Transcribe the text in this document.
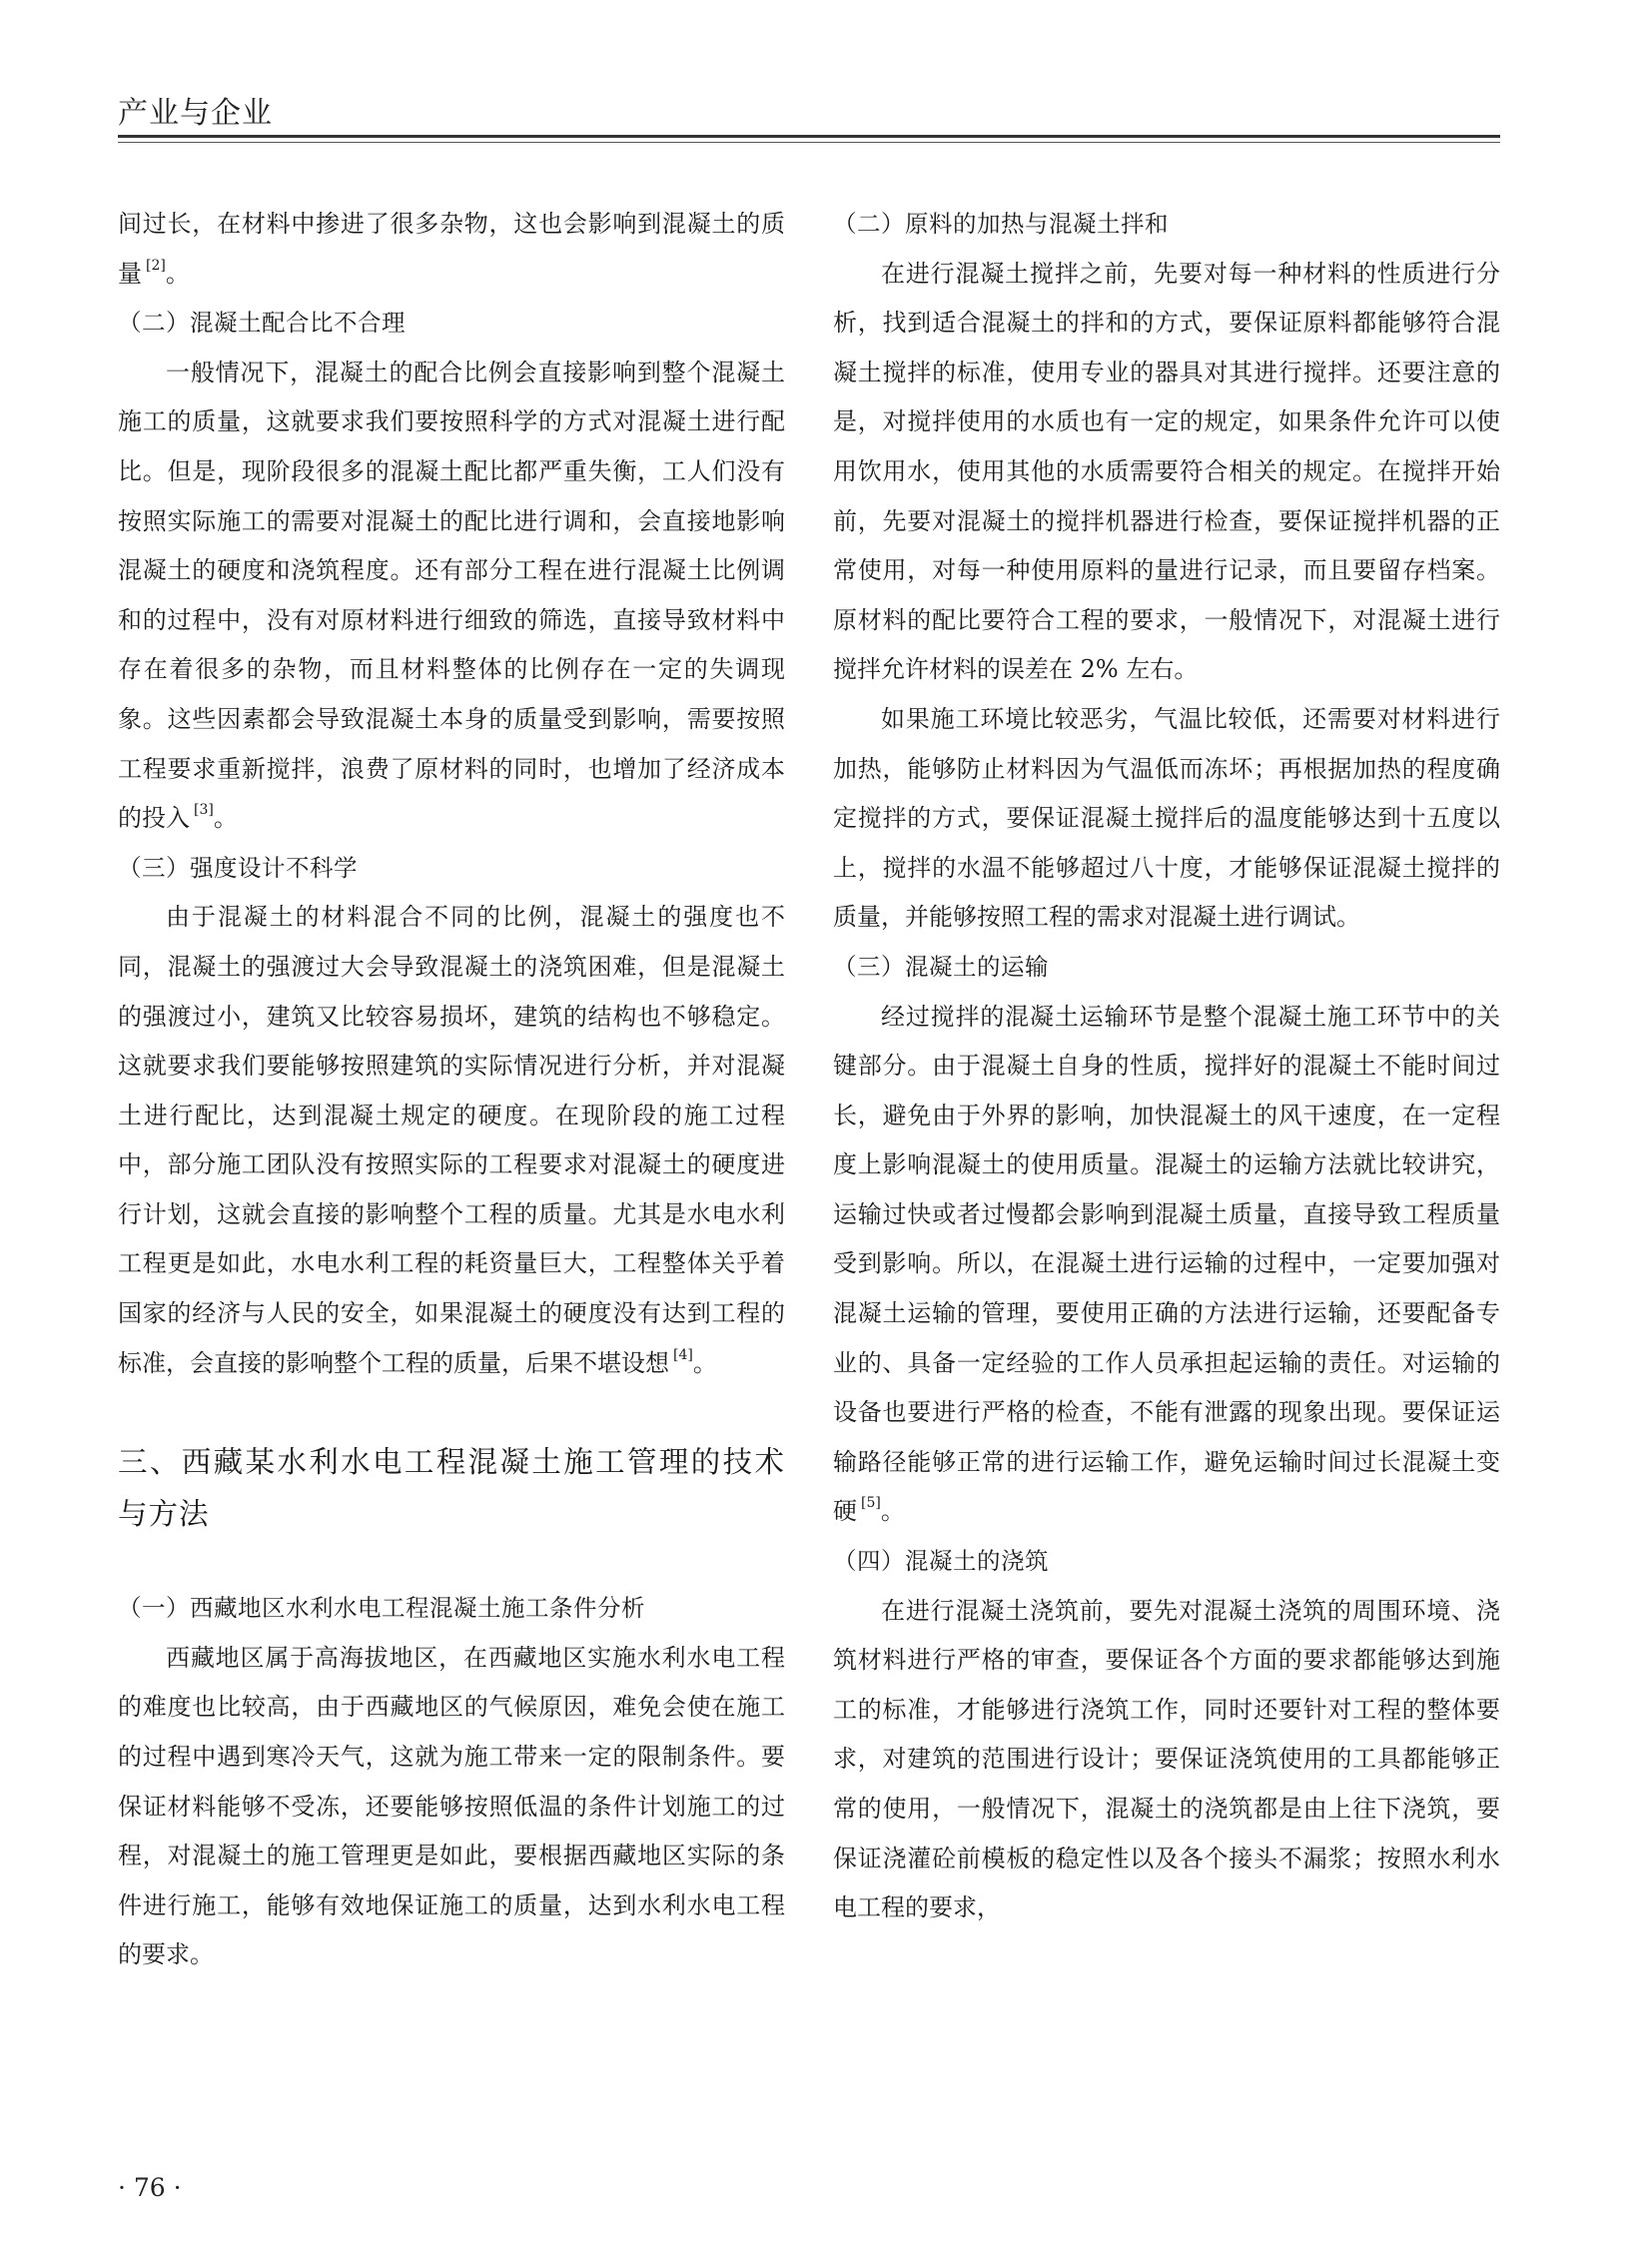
产业与企业

间过长，在材料中掺进了很多杂物，这也会影响到混凝土的质量 [2]。

（二）混凝土配合比不合理

一般情况下，混凝土的配合比例会直接影响到整个混凝土施工的质量，这就要求我们要按照科学的方式对混凝土进行配比。但是，现阶段很多的混凝土配比都严重失衡，工人们没有按照实际施工的需要对混凝土的配比进行调和，会直接地影响混凝土的硬度和浇筑程度。还有部分工程在进行混凝土比例调和的过程中，没有对原材料进行细致的筛选，直接导致材料中存在着很多的杂物，而且材料整体的比例存在一定的失调现象。这些因素都会导致混凝土本身的质量受到影响，需要按照工程要求重新搅拌，浪费了原材料的同时，也增加了经济成本的投入 [3]。

（三）强度设计不科学

由于混凝土的材料混合不同的比例，混凝土的强度也不同，混凝土的强渡过大会导致混凝土的浇筑困难，但是混凝土的强渡过小，建筑又比较容易损坏，建筑的结构也不够稳定。这就要求我们要能够按照建筑的实际情况进行分析，并对混凝土进行配比，达到混凝土规定的硬度。在现阶段的施工过程中，部分施工团队没有按照实际的工程要求对混凝土的硬度进行计划，这就会直接的影响整个工程的质量。尤其是水电水利工程更是如此，水电水利工程的耗资量巨大，工程整体关乎着国家的经济与人民的安全，如果混凝土的硬度没有达到工程的标准，会直接的影响整个工程的质量，后果不堪设想 [4]。

三、西藏某水利水电工程混凝土施工管理的技术与方法

（一）西藏地区水利水电工程混凝土施工条件分析

西藏地区属于高海拔地区，在西藏地区实施水利水电工程的难度也比较高，由于西藏地区的气候原因，难免会使在施工的过程中遇到寒冷天气，这就为施工带来一定的限制条件。要保证材料能够不受冻，还要能够按照低温的条件计划施工的过程，对混凝土的施工管理更是如此，要根据西藏地区实际的条件进行施工，能够有效地保证施工的质量，达到水利水电工程的要求。

（二）原料的加热与混凝土拌和

在进行混凝土搅拌之前，先要对每一种材料的性质进行分析，找到适合混凝土的拌和的方式，要保证原料都能够符合混凝土搅拌的标准，使用专业的器具对其进行搅拌。还要注意的是，对搅拌使用的水质也有一定的规定，如果条件允许可以使用饮用水，使用其他的水质需要符合相关的规定。在搅拌开始前，先要对混凝土的搅拌机器进行检查，要保证搅拌机器的正常使用，对每一种使用原料的量进行记录，而且要留存档案。原材料的配比要符合工程的要求，一般情况下，对混凝土进行搅拌允许材料的误差在 2% 左右。

如果施工环境比较恶劣，气温比较低，还需要对材料进行加热，能够防止材料因为气温低而冻坏；再根据加热的程度确定搅拌的方式，要保证混凝土搅拌后的温度能够达到十五度以上，搅拌的水温不能够超过八十度，才能够保证混凝土搅拌的质量，并能够按照工程的需求对混凝土进行调试。

（三）混凝土的运输

经过搅拌的混凝土运输环节是整个混凝土施工环节中的关键部分。由于混凝土自身的性质，搅拌好的混凝土不能时间过长，避免由于外界的影响，加快混凝土的风干速度，在一定程度上影响混凝土的使用质量。混凝土的运输方法就比较讲究，运输过快或者过慢都会影响到混凝土质量，直接导致工程质量受到影响。所以，在混凝土进行运输的过程中，一定要加强对混凝土运输的管理，要使用正确的方法进行运输，还要配备专业的、具备一定经验的工作人员承担起运输的责任。对运输的设备也要进行严格的检查，不能有泄露的现象出现。要保证运输路径能够正常的进行运输工作，避免运输时间过长混凝土变硬 [5]。

（四）混凝土的浇筑

在进行混凝土浇筑前，要先对混凝土浇筑的周围环境、浇筑材料进行严格的审查，要保证各个方面的要求都能够达到施工的标准，才能够进行浇筑工作，同时还要针对工程的整体要求，对建筑的范围进行设计；要保证浇筑使用的工具都能够正常的使用，一般情况下，混凝土的浇筑都是由上往下浇筑，要保证浇灌砼前模板的稳定性以及各个接头不漏浆；按照水利水电工程的要求，

· 76 ·
